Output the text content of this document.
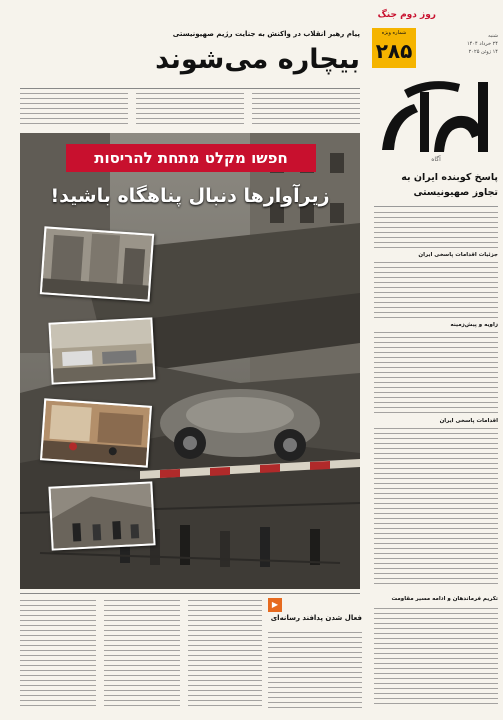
روز دوم جنگ
شماره ویژه
۲۸۵
شنبه
۲۴ خرداد ۱۴۰۴
۱۴ ژوئن ۲۰۲۵
آگاه
پاسخ کوبنده ایران به تجاوز صهیونیستی
جزئیات اقدامات پاسخی ایران
زاویه و پیش‌زمینه
اقدامات پاسخی ایران
تکریم فرماندهان و ادامه مسیر مقاومت
پیام رهبر انقلاب در واکنش به جنایت رژیم صهیونیستی
بیچاره می‌شوند
חפשו מקלט מתחת להריסות
زیرآوارها دنبال پناهگاه باشید!
▶
فعال شدن پدافند رسانه‌ای
